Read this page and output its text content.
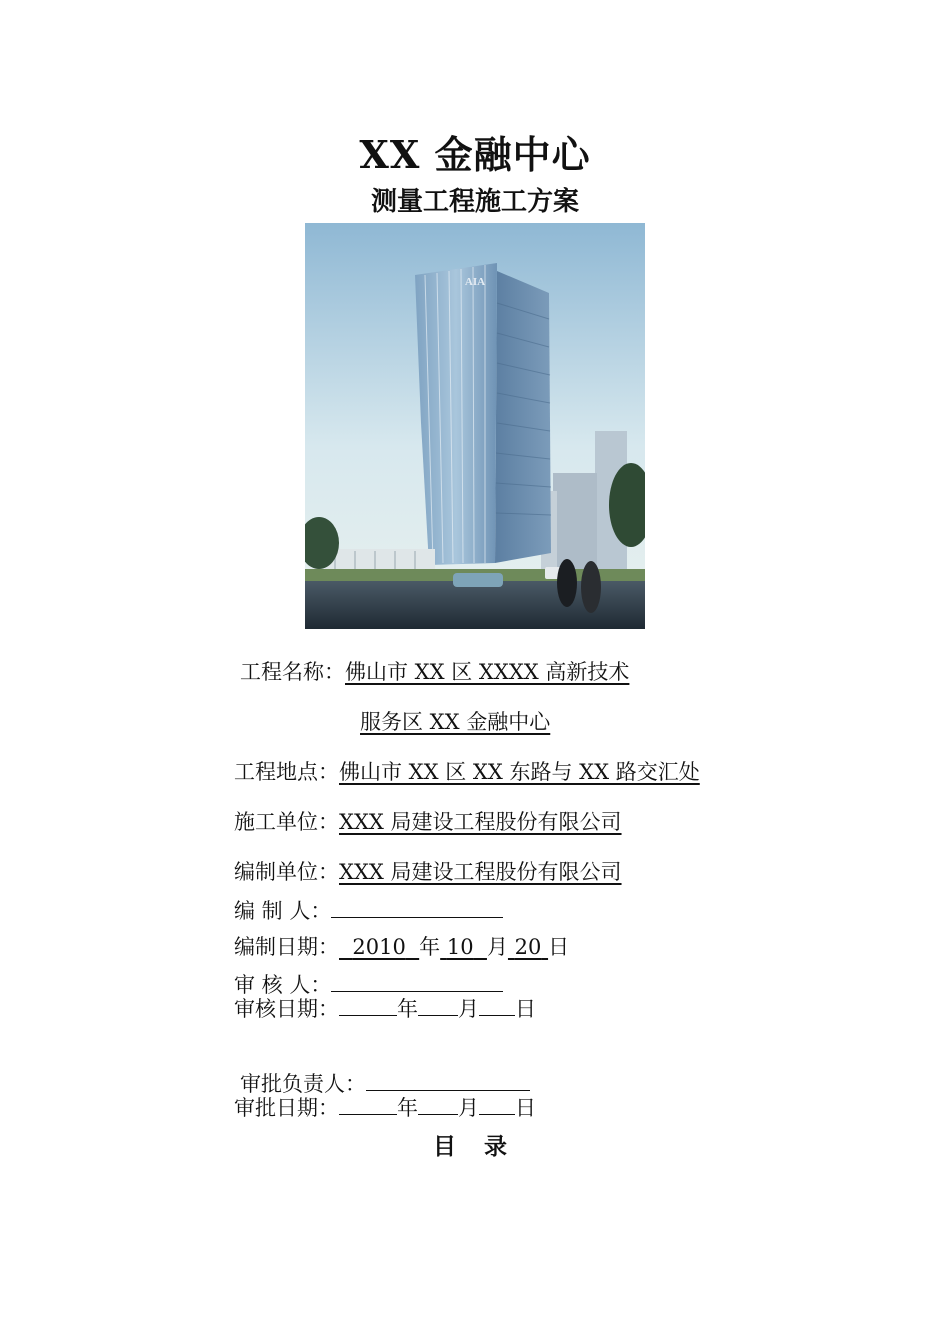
XX 金融中心
测量工程施工方案
AIA
工程名称：佛山市 XX 区 XXXX 高新技术
服务区 XX 金融中心
工程地点：佛山市 XX 区 XX 东路与 XX 路交汇处
施工单位：XXX 局建设工程股份有限公司
编制单位：XXX 局建设工程股份有限公司
编 制 人：
编制日期： 2010 年 10 月 20 日
审 核 人：
审核日期：	年 月 日
审批负责人：
审批日期：	年 月 日
目 录
